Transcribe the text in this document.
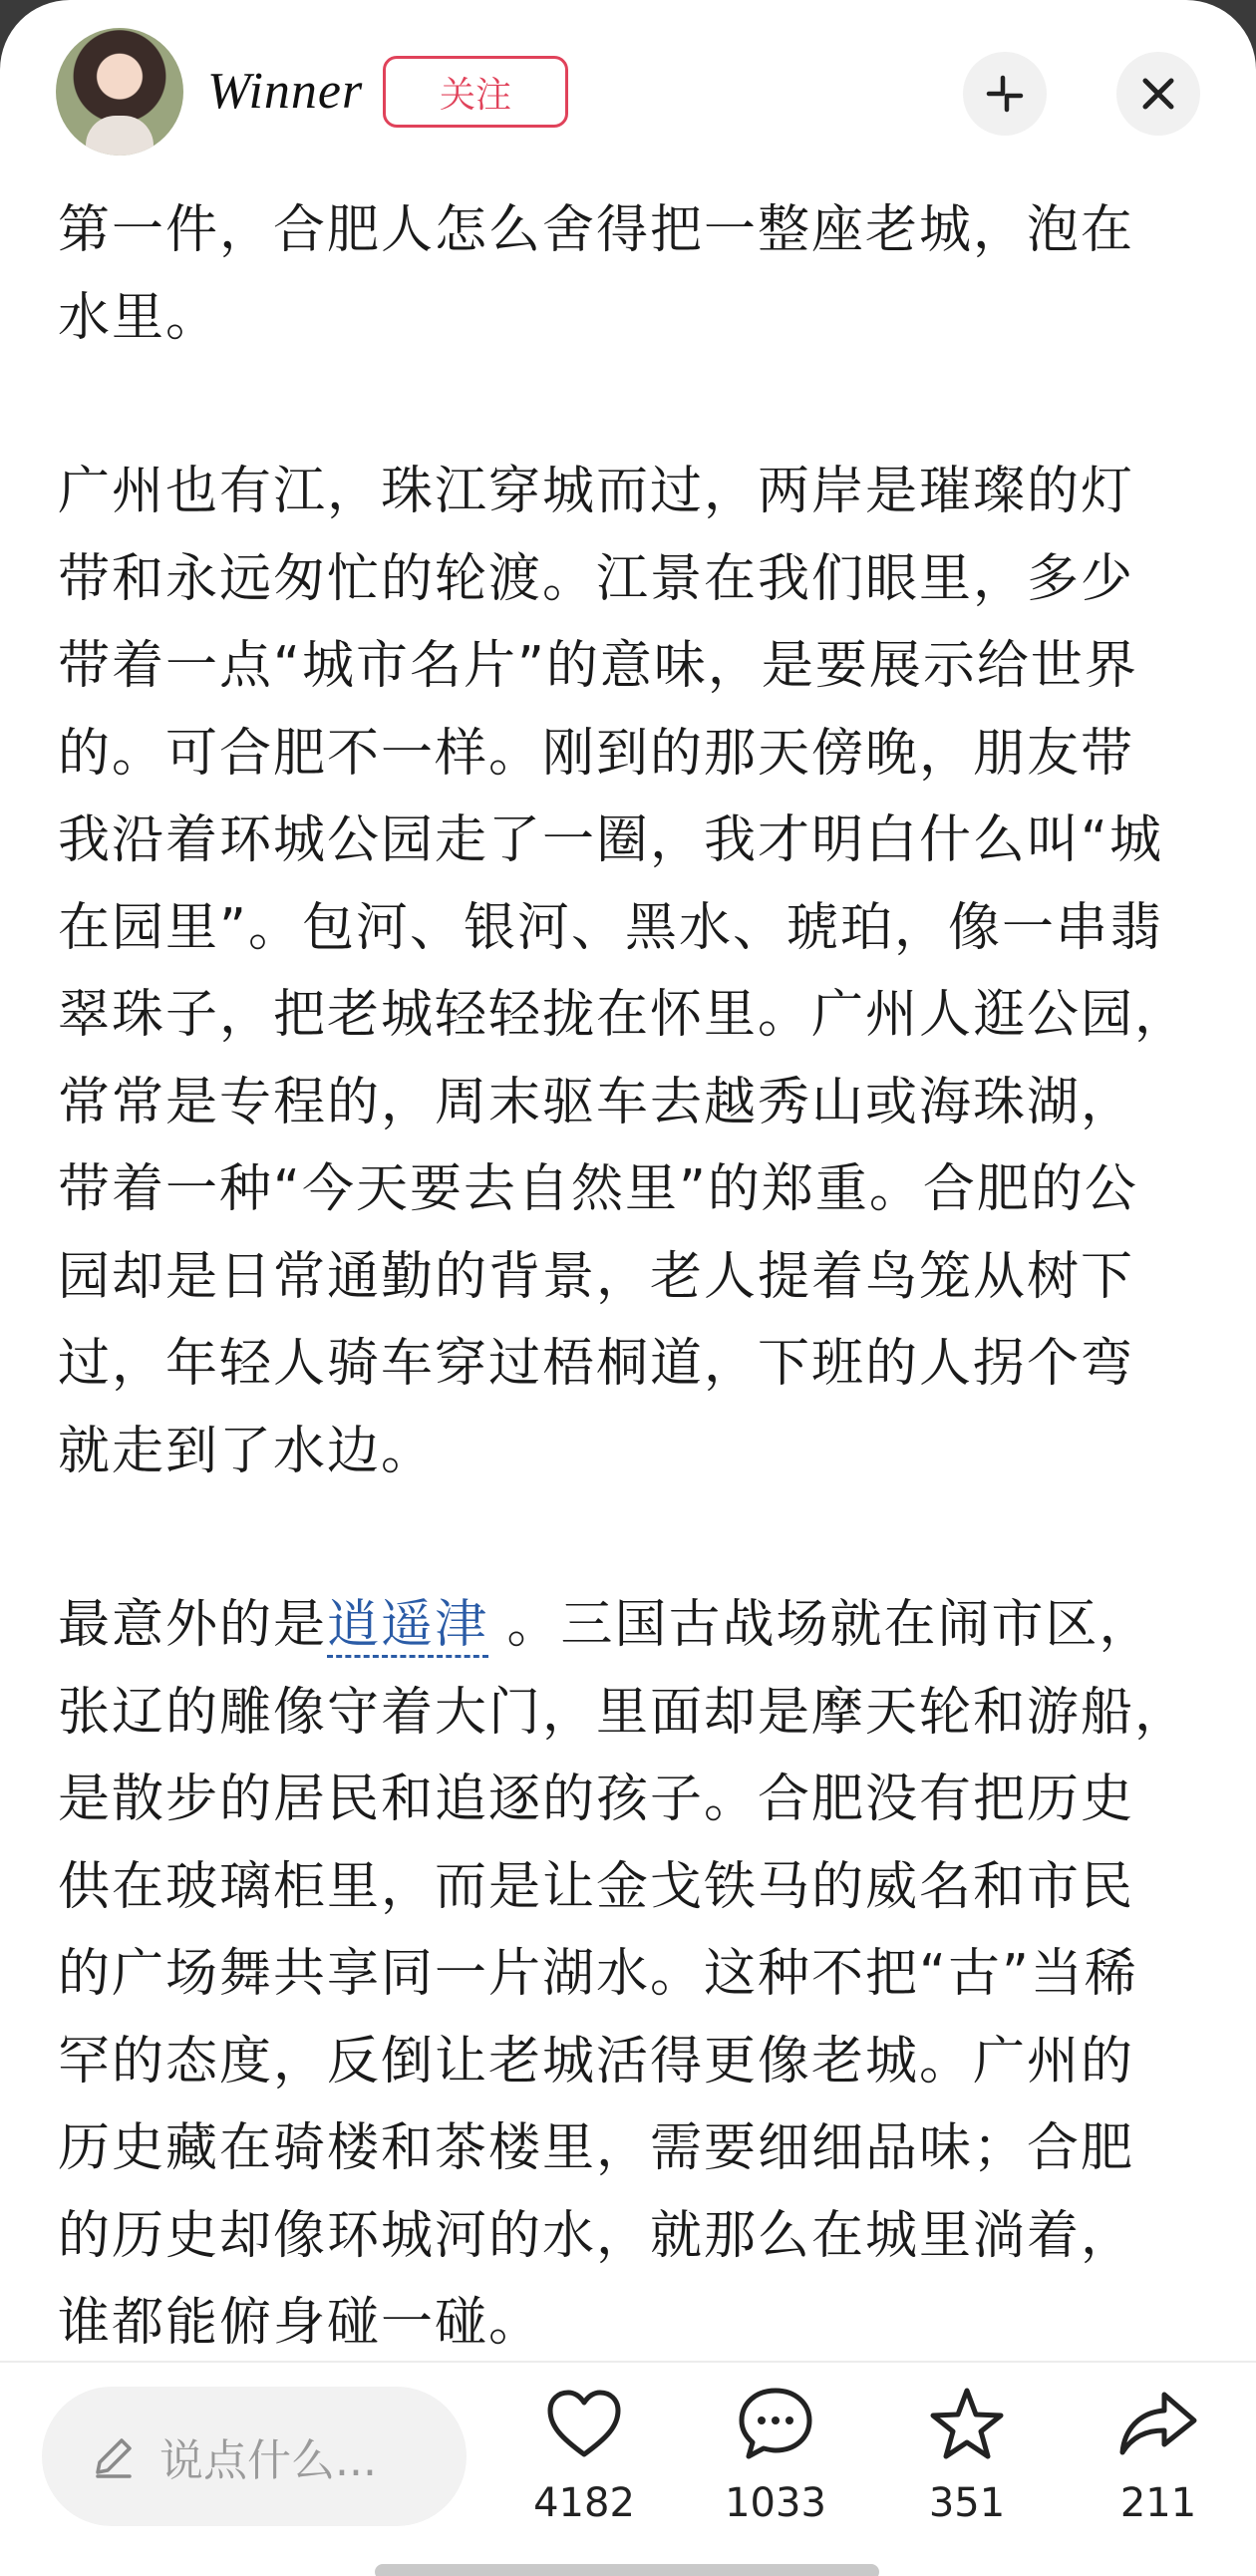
Winner	关注

第一件，合肥人怎么舍得把一整座老城，泡在
水里。

广州也有江，珠江穿城而过，两岸是璀璨的灯
带和永远匆忙的轮渡。江景在我们眼里，多少
带着一点“城市名片”的意味，是要展示给世界
的。可合肥不一样。刚到的那天傍晚，朋友带
我沿着环城公园走了一圈，我才明白什么叫“城
在园里”。包河、银河、黑水、琥珀，像一串翡
翠珠子，把老城轻轻拢在怀里。广州人逛公园，
常常是专程的，周末驱车去越秀山或海珠湖，
带着一种“今天要去自然里”的郑重。合肥的公
园却是日常通勤的背景，老人提着鸟笼从树下
过，年轻人骑车穿过梧桐道，下班的人拐个弯
就走到了水边。

最意外的是逍遥津 。三国古战场就在闹市区，
张辽的雕像守着大门，里面却是摩天轮和游船，
是散步的居民和追逐的孩子。合肥没有把历史
供在玻璃柜里，而是让金戈铁马的威名和市民
的广场舞共享同一片湖水。这种不把“古”当稀
罕的态度，反倒让老城活得更像老城。广州的
历史藏在骑楼和茶楼里，需要细细品味；合肥
的历史却像环城河的水，就那么在城里淌着，
谁都能俯身碰一碰。

说点什么...
4182 1033	351	211
